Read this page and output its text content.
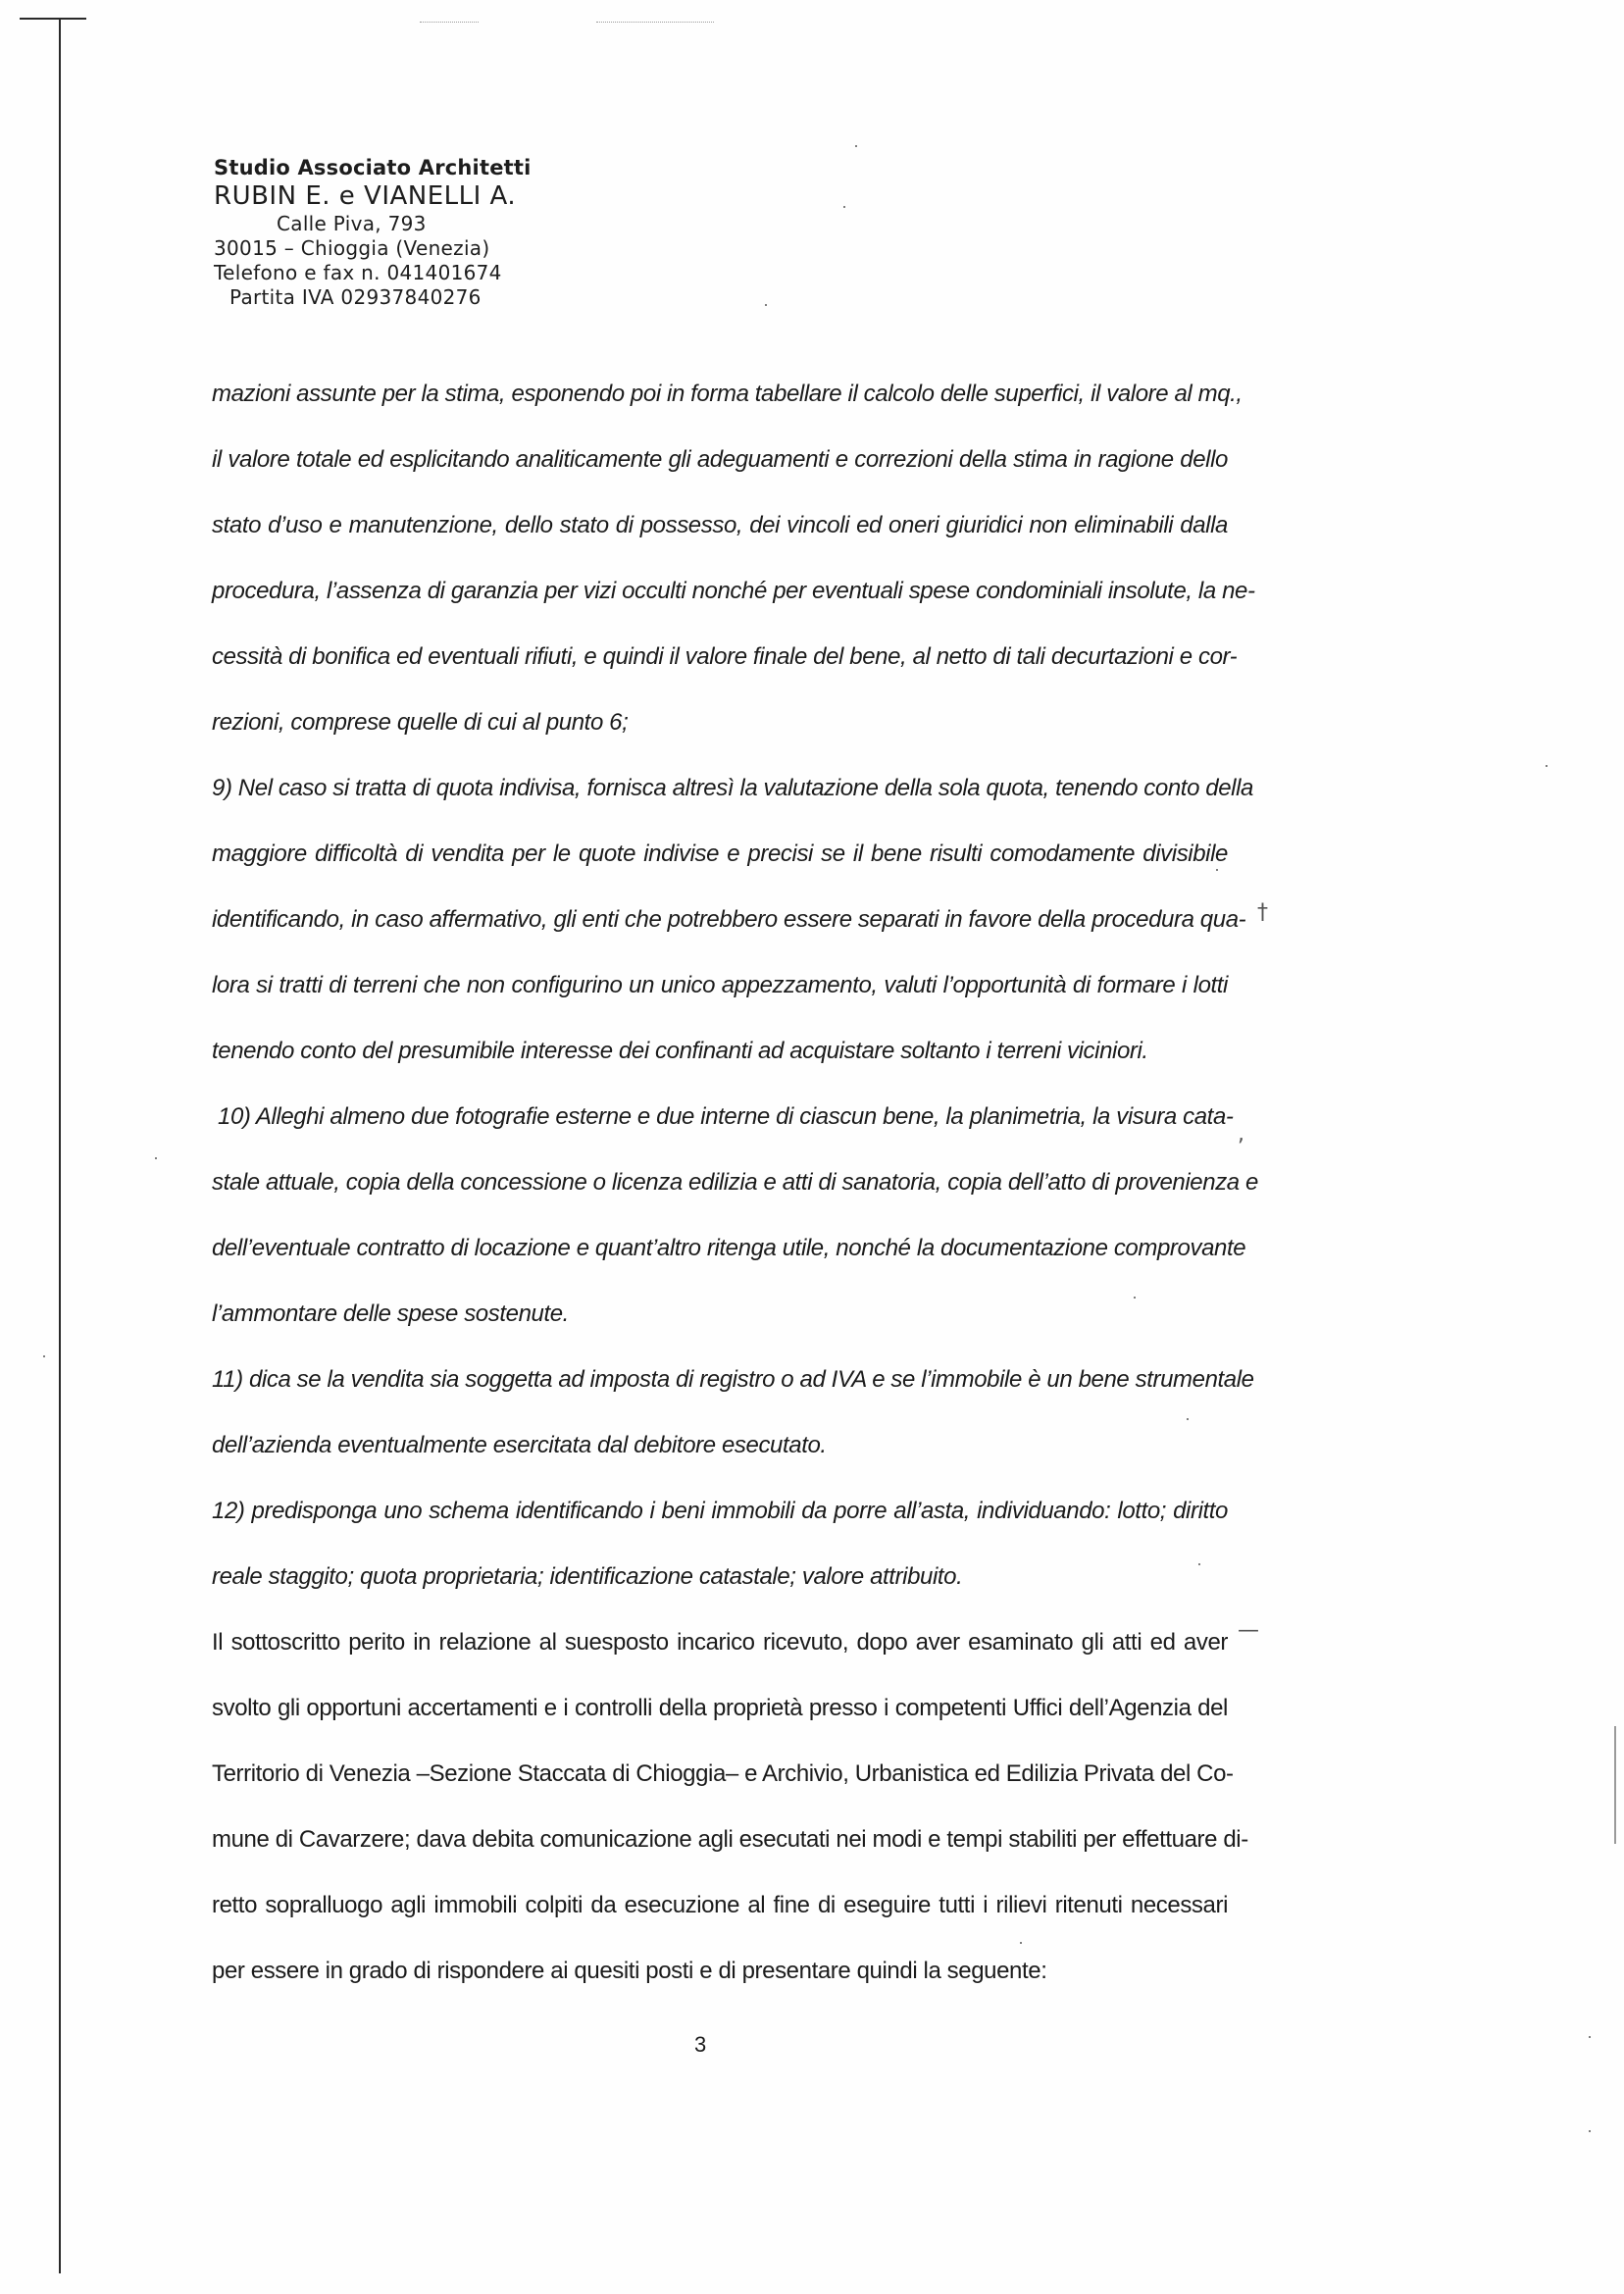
†
,
—
Studio Associato Architetti
RUBIN E. e VIANELLI A.
Calle Piva, 793
30015 – Chioggia (Venezia)
Telefono e fax n. 041401674
Partita IVA 02937840276
mazioni assunte per la stima, esponendo poi in forma tabellare il calcolo delle superfici, il valore al mq.,
il valore totale ed esplicitando analiticamente gli adeguamenti e correzioni della stima in ragione dello
stato d’uso e manutenzione, dello stato di possesso, dei vincoli ed oneri giuridici non eliminabili dalla
procedura, l’assenza di garanzia per vizi occulti nonché per eventuali spese condominiali insolute, la ne-
cessità di bonifica ed eventuali rifiuti, e quindi il valore finale del bene, al netto di tali decurtazioni e cor-
rezioni, comprese quelle di cui al punto 6;
9) Nel caso si tratta di quota indivisa, fornisca altresì la valutazione della sola quota, tenendo conto della
maggiore difficoltà di vendita per le quote indivise e precisi se il bene risulti comodamente divisibile
identificando, in caso affermativo, gli enti che potrebbero essere separati in favore della procedura qua-
lora si tratti di terreni che non configurino un unico appezzamento, valuti l’opportunità di formare i lotti
tenendo conto del presumibile interesse dei confinanti ad acquistare soltanto i terreni viciniori.
10) Alleghi almeno due fotografie esterne e due interne di ciascun bene, la planimetria, la visura cata-
stale attuale, copia della concessione o licenza edilizia e atti di sanatoria, copia dell’atto di provenienza e
dell’eventuale contratto di locazione e quant’altro ritenga utile, nonché la documentazione comprovante
l’ammontare delle spese sostenute.
11) dica se la vendita sia soggetta ad imposta di registro o ad IVA e se l’immobile è un bene strumentale
dell’azienda eventualmente esercitata dal debitore esecutato.
12) predisponga uno schema identificando i beni immobili da porre all’asta, individuando: lotto; diritto
reale staggito; quota proprietaria; identificazione catastale; valore attribuito.
Il sottoscritto perito in relazione al suesposto incarico ricevuto, dopo aver esaminato gli atti ed aver
svolto gli opportuni accertamenti e i controlli della proprietà presso i competenti Uffici dell’Agenzia del
Territorio di Venezia –Sezione Staccata di Chioggia– e Archivio, Urbanistica ed Edilizia Privata del Co-
mune di Cavarzere; dava debita comunicazione agli esecutati nei modi e tempi stabiliti per effettuare di-
retto sopralluogo agli immobili colpiti da esecuzione al fine di eseguire tutti i rilievi ritenuti necessari
per essere in grado di rispondere ai quesiti posti e di presentare quindi la seguente:
3
